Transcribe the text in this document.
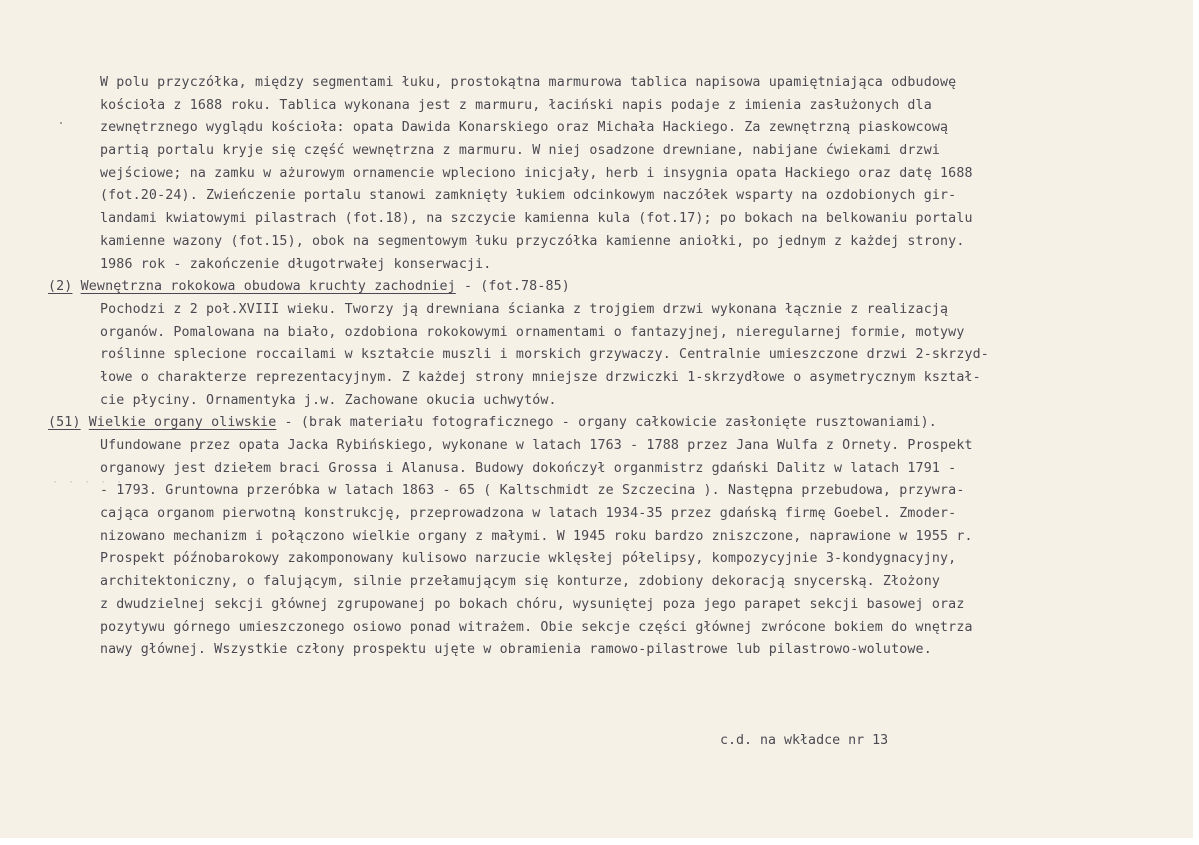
· · · · ·
W polu przyczółka, między segmentami łuku, prostokątna marmurowa tablica napisowa upamiętniająca odbudowę
kościoła z 1688 roku. Tablica wykonana jest z marmuru, łaciński napis podaje z imienia zasłużonych dla
zewnętrznego wyglądu kościoła: opata Dawida Konarskiego oraz Michała Hackiego. Za zewnętrzną piaskowcową
partią portalu kryje się część wewnętrzna z marmuru. W niej osadzone drewniane, nabijane ćwiekami drzwi
wejściowe; na zamku w ażurowym ornamencie wpleciono inicjały, herb i insygnia opata Hackiego oraz datę 1688
(fot.20-24). Zwieńczenie portalu stanowi zamknięty łukiem odcinkowym naczółek wsparty na ozdobionych gir-
landami kwiatowymi pilastrach (fot.18), na szczycie kamienna kula (fot.17); po bokach na belkowaniu portalu
kamienne wazony (fot.15), obok na segmentowym łuku przyczółka kamienne aniołki, po jednym z każdej strony.
1986 rok - zakończenie długotrwałej konserwacji.
(2) Wewnętrzna rokokowa obudowa kruchty zachodniej - (fot.78-85)
Pochodzi z 2 poł.XVIII wieku. Tworzy ją drewniana ścianka z trojgiem drzwi wykonana łącznie z realizacją
organów. Pomalowana na biało, ozdobiona rokokowymi ornamentami o fantazyjnej, nieregularnej formie, motywy
roślinne splecione roccailami w kształcie muszli i morskich grzywaczy. Centralnie umieszczone drzwi 2-skrzyd-
łowe o charakterze reprezentacyjnym. Z każdej strony mniejsze drzwiczki 1-skrzydłowe o asymetrycznym kształ-
cie płyciny. Ornamentyka j.w. Zachowane okucia uchwytów.
(51) Wielkie organy oliwskie - (brak materiału fotograficznego - organy całkowicie zasłonięte rusztowaniami).
Ufundowane przez opata Jacka Rybińskiego, wykonane w latach 1763 - 1788 przez Jana Wulfa z Ornety. Prospekt
organowy jest dziełem braci Grossa i Alanusa. Budowy dokończył organmistrz gdański Dalitz w latach 1791 -
- 1793. Gruntowna przeróbka w latach 1863 - 65 ( Kaltschmidt ze Szczecina ). Następna przebudowa, przywra-
cająca organom pierwotną konstrukcję, przeprowadzona w latach 1934-35 przez gdańską firmę Goebel. Zmoder-
nizowano mechanizm i połączono wielkie organy z małymi. W 1945 roku bardzo zniszczone, naprawione w 1955 r.
Prospekt późnobarokowy zakomponowany kulisowo narzucie wklęsłej półelipsy, kompozycyjnie 3-kondygnacyjny,
architektoniczny, o falującym, silnie przełamującym się konturze, zdobiony dekoracją snycerską. Złożony
z dwudzielnej sekcji głównej zgrupowanej po bokach chóru, wysuniętej poza jego parapet sekcji basowej oraz
pozytywu górnego umieszczonego osiowo ponad witrażem. Obie sekcje części głównej zwrócone bokiem do wnętrza
nawy głównej. Wszystkie człony prospektu ujęte w obramienia ramowo-pilastrowe lub pilastrowo-wolutowe.
c.d. na wkładce nr 13
